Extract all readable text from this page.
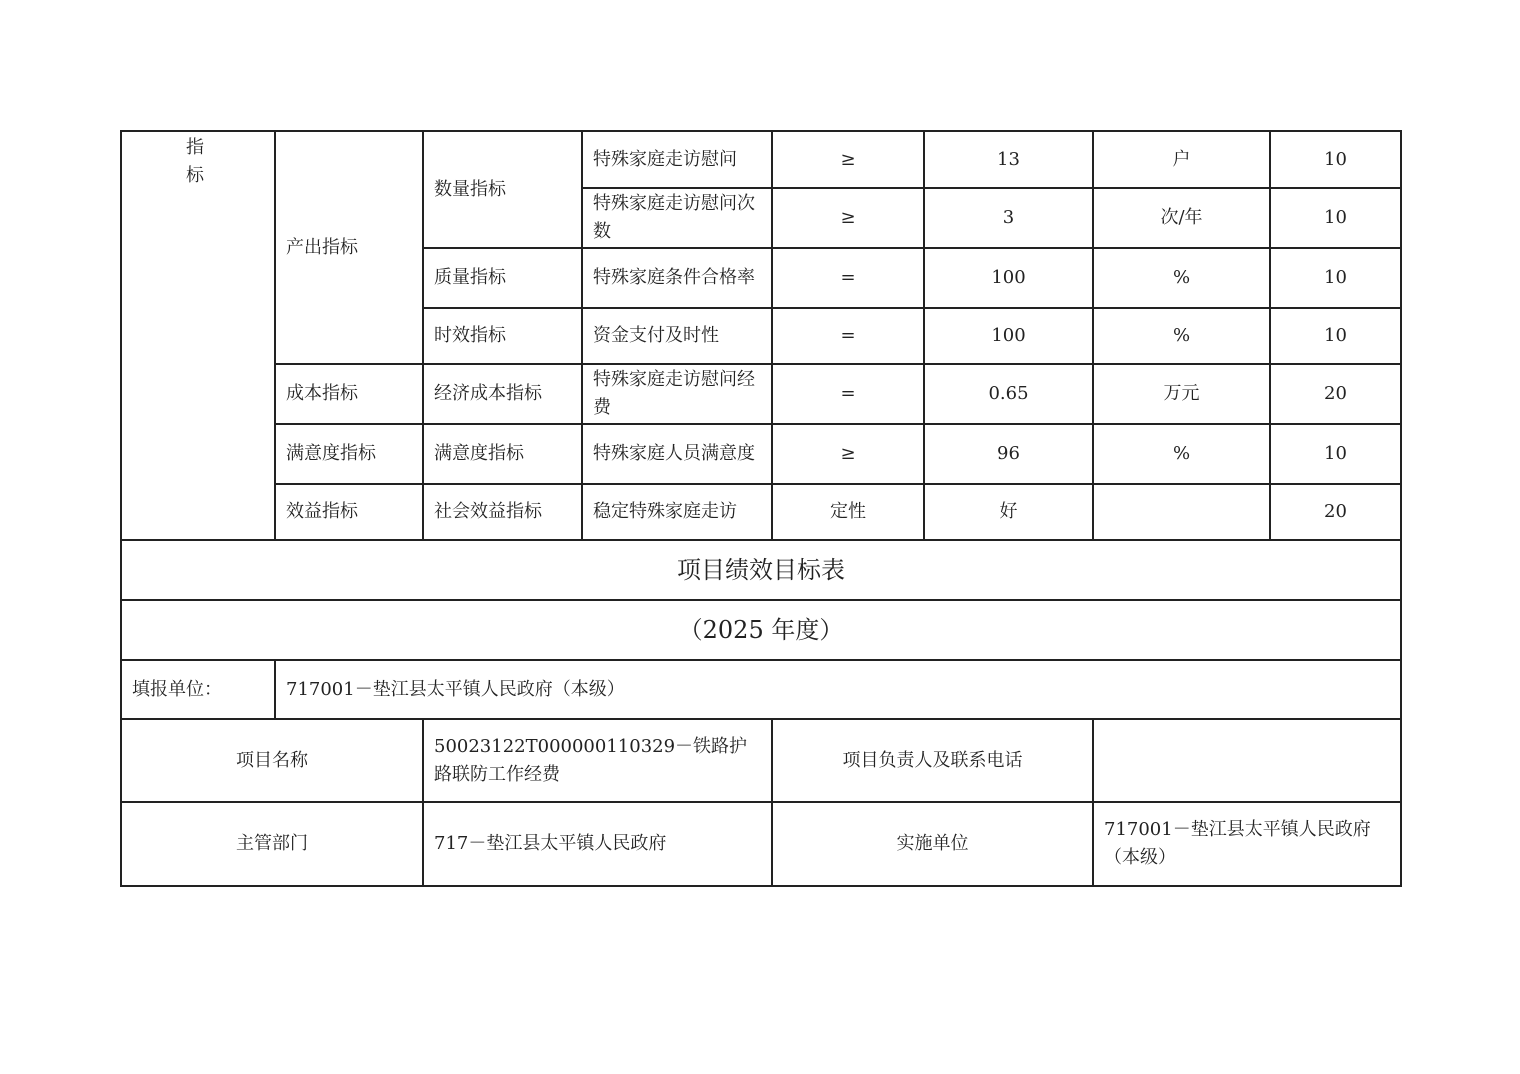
指
标	产出指标	数量指标	特殊家庭走访慰问	≥	13	户	10
			特殊家庭走访慰问次数	≥	3	次/年	10
		质量指标	特殊家庭条件合格率	=	100	%	10
		时效指标	资金支付及时性	=	100	%	10
	成本指标	经济成本指标	特殊家庭走访慰问经费	=	0.65	万元	20
	满意度指标	满意度指标	特殊家庭人员满意度	≥	96	%	10
	效益指标	社会效益指标	稳定特殊家庭走访	定性	好		20
项目绩效目标表				
（2025 年度）				
填报单位：	717001－垫江县太平镇人民政府（本级）			
项目名称		50023122T000000110329－铁路护路联防工作经费	项目负责人及联系电话	
主管部门		717－垫江县太平镇人民政府	实施单位	717001－垫江县太平镇人民政府（本级）
